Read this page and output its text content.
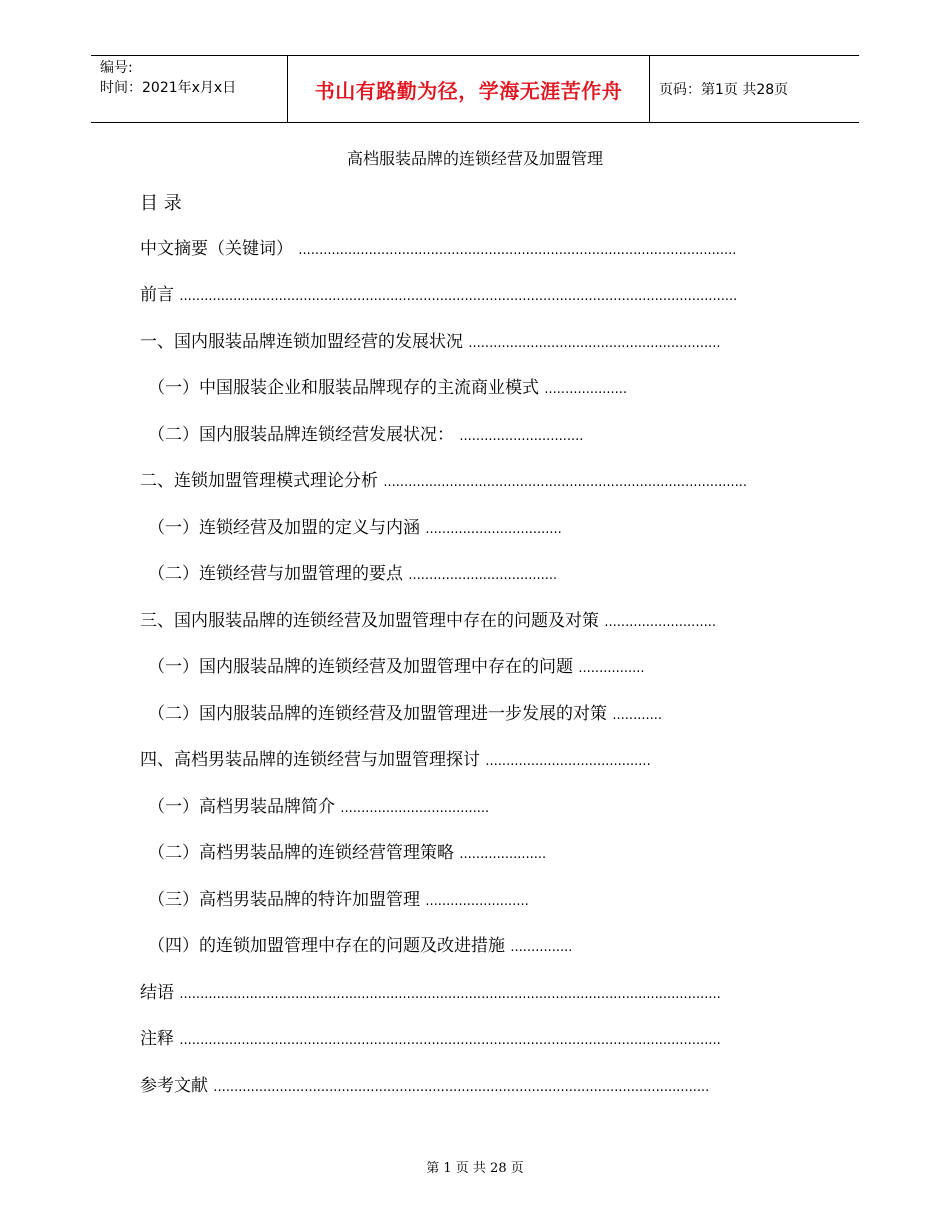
编号:
时间：2021年x月x日	书山有路勤为径，学海无涯苦作舟	页码：第1页 共28页
高档服装品牌的连锁经营及加盟管理
目 录
中文摘要（关键词） ..........................................................................................................
前言 .......................................................................................................................................
一、国内服装品牌连锁加盟经营的发展状况 .............................................................
（一）中国服装企业和服装品牌现存的主流商业模式 ....................
（二）国内服装品牌连锁经营发展状况： ..............................
二、连锁加盟管理模式理论分析 ........................................................................................
（一）连锁经营及加盟的定义与内涵 .................................
（二）连锁经营与加盟管理的要点 ....................................
三、国内服装品牌的连锁经营及加盟管理中存在的问题及对策 ...........................
（一）国内服装品牌的连锁经营及加盟管理中存在的问题 ................
（二）国内服装品牌的连锁经营及加盟管理进一步发展的对策 ............
四、高档男装品牌的连锁经营与加盟管理探讨 ........................................
（一）高档男装品牌简介 ....................................
（二）高档男装品牌的连锁经营管理策略 .....................
（三）高档男装品牌的特许加盟管理 .........................
（四）的连锁加盟管理中存在的问题及改进措施 ...............
结语 ...................................................................................................................................
注释 ...................................................................................................................................
参考文献 ........................................................................................................................
第 1 页 共 28 页
